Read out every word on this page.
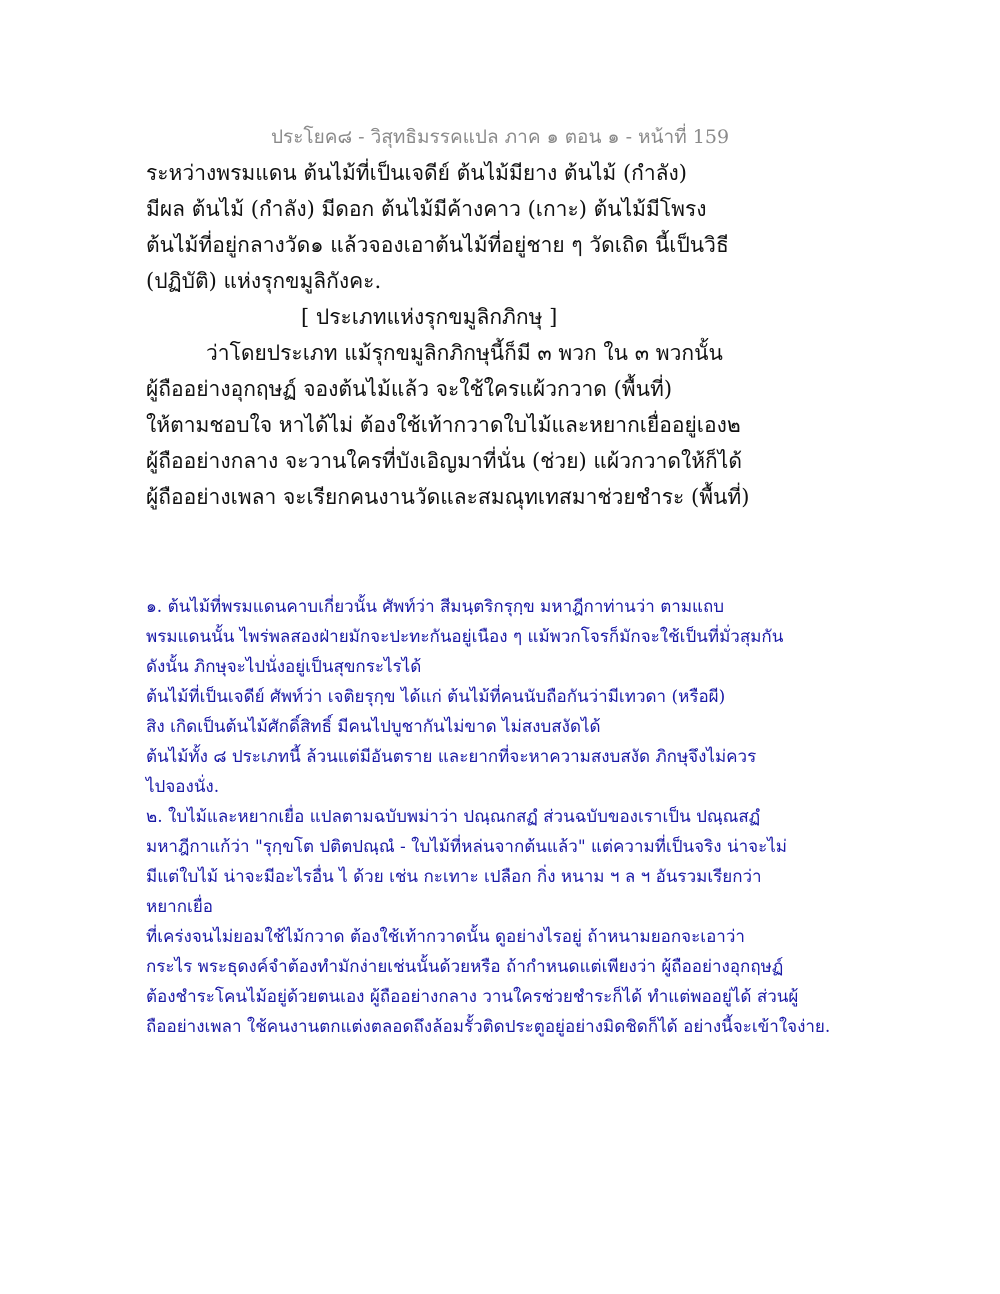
ประโยค๘ - วิสุทธิมรรคแปล ภาค ๑ ตอน ๑ - หน้าที่ 159
ระหว่างพรมแดน ต้นไม้ที่เป็นเจดีย์ ต้นไม้มียาง ต้นไม้ (กำลัง)
มีผล ต้นไม้ (กำลัง) มีดอก ต้นไม้มีค้างคาว (เกาะ) ต้นไม้มีโพรง
ต้นไม้ที่อยู่กลางวัด๑ แล้วจองเอาต้นไม้ที่อยู่ชาย ๆ วัดเถิด นี้เป็นวิธี
(ปฏิบัติ) แห่งรุกขมูลิกังคะ.
[ ประเภทแห่งรุกขมูลิกภิกษุ ]
ว่าโดยประเภท แม้รุกขมูลิกภิกษุนี้ก็มี ๓ พวก ใน ๓ พวกนั้น
ผู้ถืออย่างอุกฤษฏ์ จองต้นไม้แล้ว จะใช้ใครแผ้วกวาด (พื้นที่)
ให้ตามชอบใจ หาได้ไม่ ต้องใช้เท้ากวาดใบไม้และหยากเยื่ออยู่เอง๒
ผู้ถืออย่างกลาง จะวานใครที่บังเอิญมาที่นั่น (ช่วย) แผ้วกวาดให้ก็ได้
ผู้ถืออย่างเพลา จะเรียกคนงานวัดและสมณุทเทสมาช่วยชำระ (พื้นที่)
๑. ต้นไม้ที่พรมแดนคาบเกี่ยวนั้น ศัพท์ว่า สีมนฺตริกรุกฺข มหาฎีกาท่านว่า ตามแถบ
พรมแดนนั้น ไพร่พลสองฝ่ายมักจะปะทะกันอยู่เนือง ๆ แม้พวกโจรก็มักจะใช้เป็นที่มั่วสุมกัน
ดังนั้น ภิกษุจะไปนั่งอยู่เป็นสุขกระไรได้
ต้นไม้ที่เป็นเจดีย์ ศัพท์ว่า เจติยรุกฺข ได้แก่ ต้นไม้ที่คนนับถือกันว่ามีเทวดา (หรือผี)
สิง เกิดเป็นต้นไม้ศักดิ์สิทธิ์ มีคนไปบูชากันไม่ขาด ไม่สงบสงัดได้
ต้นไม้ทั้ง ๘ ประเภทนี้ ล้วนแต่มีอันตราย และยากที่จะหาความสงบสงัด ภิกษุจึงไม่ควร
ไปจองนั่ง.
๒. ใบไม้และหยากเยื่อ แปลตามฉบับพม่าว่า ปณฺณกสฏํ ส่วนฉบับของเราเป็น ปณฺณสฏํ
มหาฎีกาแก้ว่า "รุกฺขโต ปติตปณฺณํ - ใบไม้ที่หล่นจากต้นแล้ว" แต่ความที่เป็นจริง น่าจะไม่
มีแต่ใบไม้ น่าจะมีอะไรอื่น ไ ด้วย เช่น กะเทาะ เปลือก กิ่ง หนาม ฯ ล ฯ อันรวมเรียกว่า
หยากเยื่อ
ที่เคร่งจนไม่ยอมใช้ไม้กวาด ต้องใช้เท้ากวาดนั้น ดูอย่างไรอยู่ ถ้าหนามยอกจะเอาว่า
กระไร พระธุดงค์จำต้องทำมักง่ายเช่นนั้นด้วยหรือ ถ้ากำหนดแต่เพียงว่า ผู้ถืออย่างอุกฤษฏ์
ต้องชำระโคนไม้อยู่ด้วยตนเอง ผู้ถืออย่างกลาง วานใครช่วยชำระก็ได้ ทำแต่พออยู่ได้ ส่วนผู้
ถืออย่างเพลา ใช้คนงานตกแต่งตลอดถึงล้อมรั้วติดประตูอยู่อย่างมิดชิดก็ได้ อย่างนี้จะเข้าใจง่าย.
